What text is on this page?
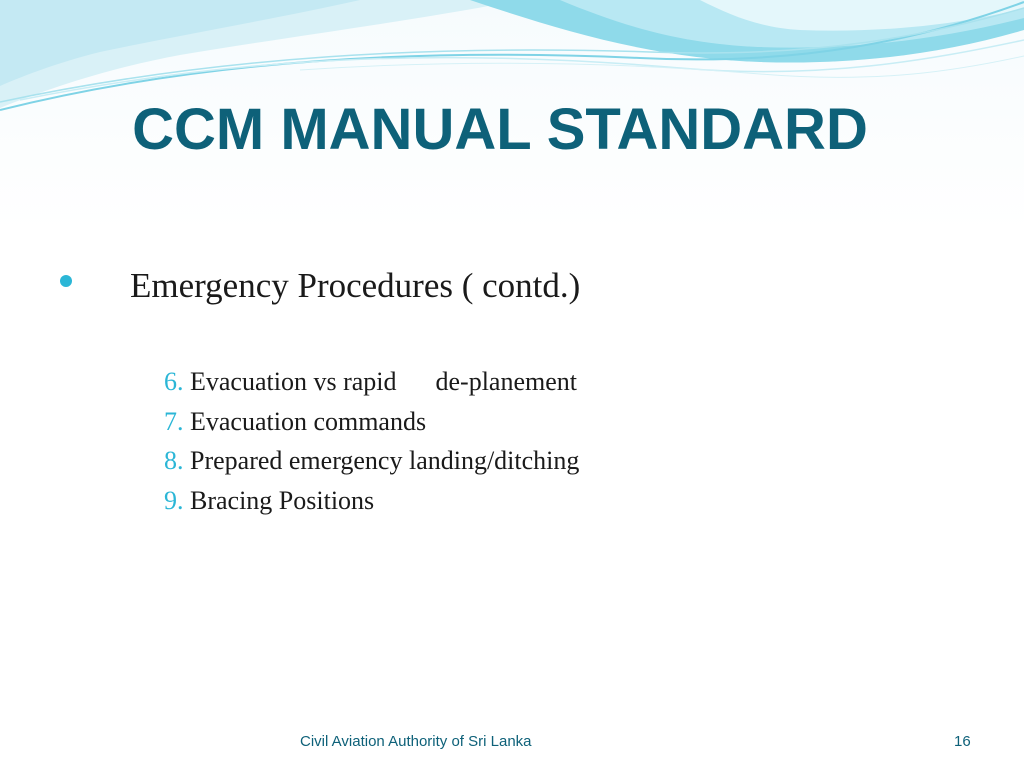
CCM MANUAL STANDARD
Emergency Procedures ( contd.)
6. Evacuation vs rapid      de-planement
7. Evacuation commands
8. Prepared emergency landing/ditching
9. Bracing Positions
Civil Aviation Authority of Sri Lanka	16
